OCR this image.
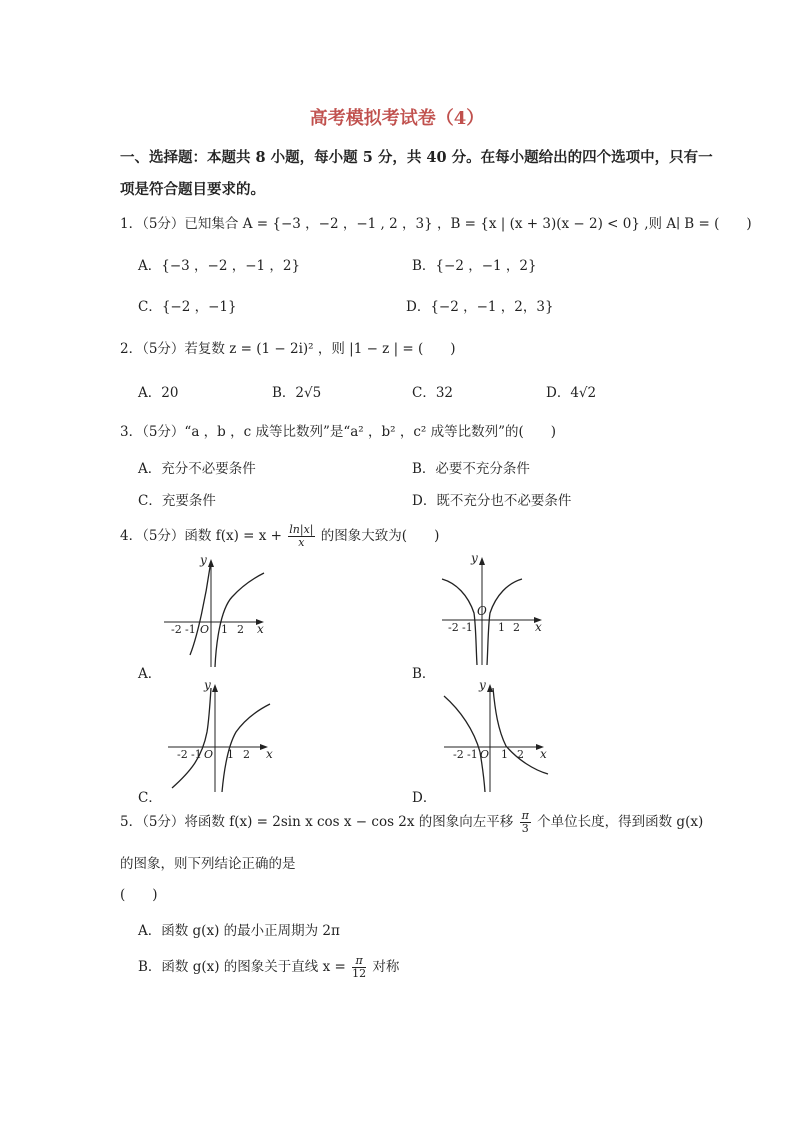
高考模拟考试卷（4）
一、选择题：本题共 8 小题，每小题 5 分，共 40 分。在每小题给出的四个选项中，只有一
项是符合题目要求的。
1．（5分）已知集合 A = {−3 ，−2 ，−1 , 2 ，3} ，B = {x | (x + 3)(x − 2) < 0} ,则 A∣ B = (　　)
A．{−3 ，−2 ，−1 ，2}	B．{−2 ，−1 ，2}
C．{−2 ，−1}	D．{−2 ，−1 ，2，3}
2．（5分）若复数 z = (1 − 2i)² ，则 |1 − z | = (　　)
A．20	B．2√5	C．32	D．4√2
3．（5分）“a ，b ，c 成等比数列”是“a² ，b² ，c² 成等比数列”的(　　)
A．充分不必要条件	B．必要不充分条件
C．充要条件	D．既不充分也不必要条件
4．（5分）函数 $f(x) = x + \frac{\ln|x|}{x}$ 的图象大致为(　　)
y
x
-2 -1 O 1 2
A．
y
x
-2 -1
O
1 2
B．
y
x
-2 -1 O 1 2
C．
y
x
-2 -1 O 1 2
D．
5．（5分）将函数 f(x) = 2sin x cos x − cos 2x 的图象向左平移 $\frac{\pi}{3}$ 个单位长度，得到函数 g(x)
的图象，则下列结论正确的是
(　　)
A．函数 g(x) 的最小正周期为 2π
B．函数 g(x) 的图象关于直线 $x = \frac{\pi}{12}$ 对称
